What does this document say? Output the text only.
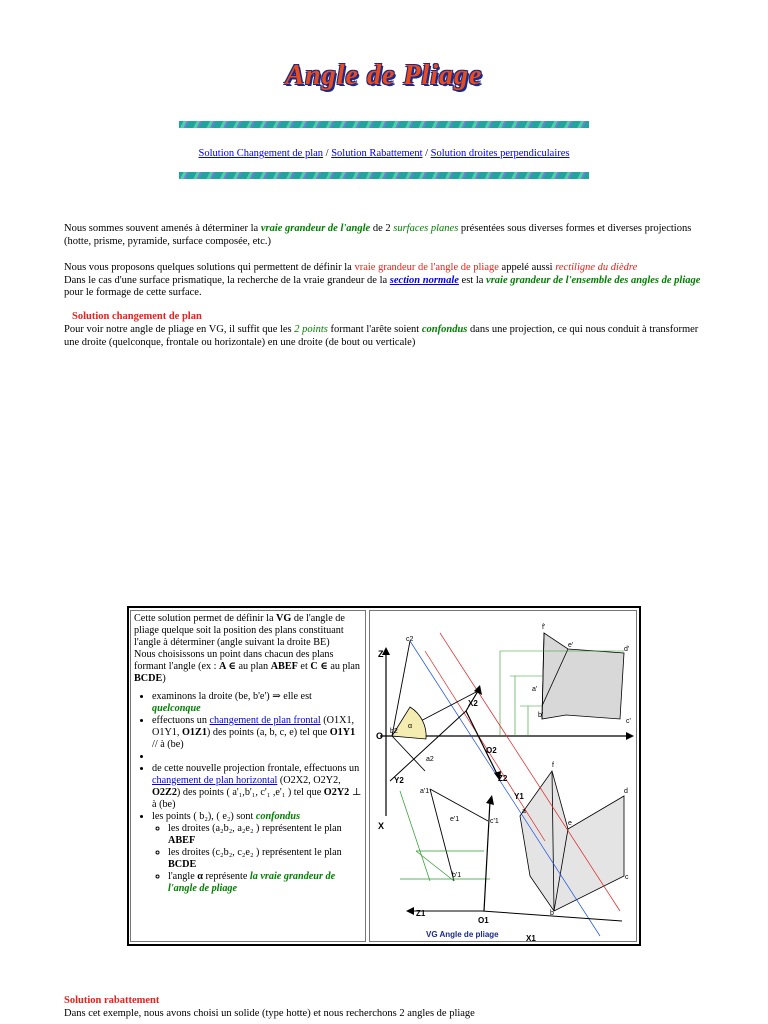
Angle de Pliage
Solution Changement de plan / Solution Rabattement / Solution droites perpendiculaires
Nous sommes souvent amenés à déterminer la vraie grandeur de l'angle de 2 surfaces planes présentées sous diverses formes et diverses projections (hotte, prisme, pyramide, surface composée, etc.)
Nous vous proposons quelques solutions qui permettent de définir la vraie grandeur de l'angle de pliage appelé aussi rectiligne du dièdre
Dans le cas d'une surface prismatique, la recherche de la vraie grandeur de la section normale est la vraie grandeur de l'ensemble des angles de pliage pour le formage de cette surface.
Solution changement de plan
Pour voir notre angle de pliage en VG, il suffit que les 2 points formant l'arête soient confondus dans une projection, ce qui nous conduit à transformer une droite (quelconque, frontale ou horizontale) en une droite (de bout ou verticale)
Cette solution permet de définir la VG de l'angle de pliage quelque soit la position des plans constituant l'angle à déterminer (angle suivant la droite BE)
Nous choisissons un point dans chacun des plans formant l'angle (ex : A ∈ au plan ABEF et C ∈ au plan BCDE)
• examinons la droite (be, b'e') ⇒ elle est quelconque
• effectuons un changement de plan frontal (O1X1, O1Y1, O1Z1) des points (a, b, c, e) tel que O1Y1 // à (be)
•
• de cette nouvelle projection frontale, effectuons un changement de plan horizontal (O2X2, O2Y2, O2Z2) des points ( a'₁,b'₁, c'₁ ,e'₁ ) tel que O2Y2 ⊥ à (be)
• les points ( b₂), ( e₂) sont confondus
◦ les droites (a₂b₂, a₂e₂ ) représentent le plan ABEF
◦ les droites (c₂b₂, c₂e₂ ) représentent le plan BCDE
◦ l'angle α représente la vraie grandeur de l'angle de pliage
α
Z
O
X
X2
O2
Z2
Y2
Y1
Z1
O1
X1
b2
c2
a2
f'
e'
d'
a'
b'
c'
f
e
d
a
b
c
a'1
e'1	c'1
b'1
VG Angle de pliage
Solution rabattement
Dans cet exemple, nous avons choisi un solide (type hotte) et nous recherchons 2 angles de pliage
